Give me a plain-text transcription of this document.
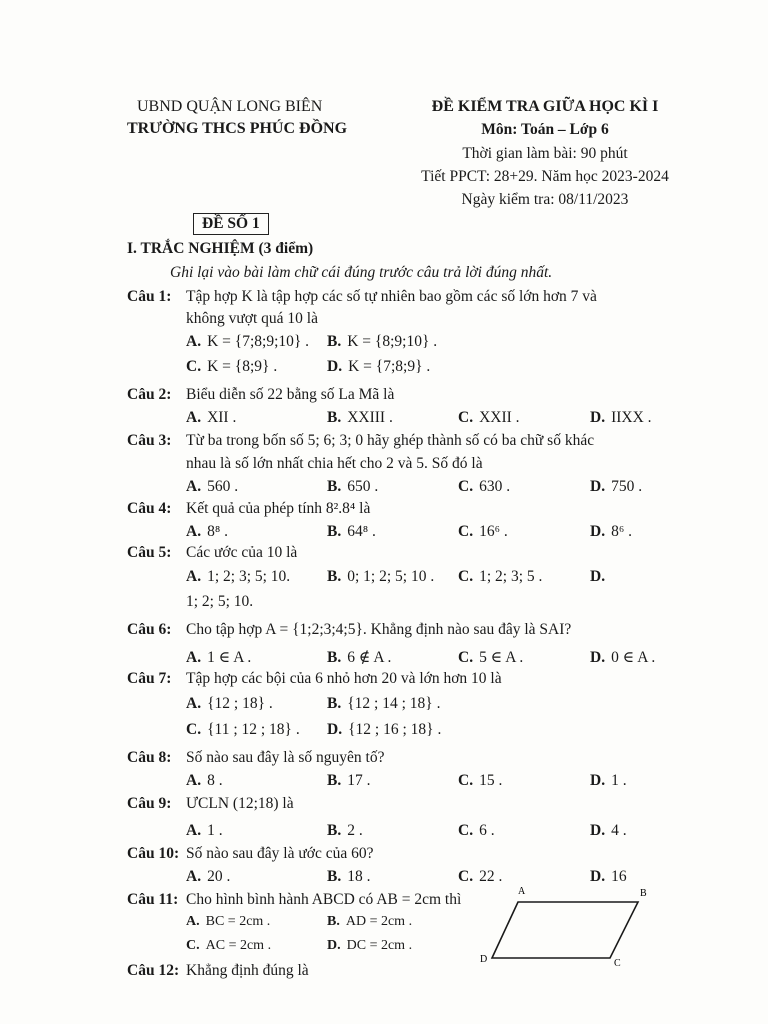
UBND QUẬN LONG BIÊN
TRƯỜNG THCS PHÚC ĐỒNG
ĐỀ KIỂM TRA GIỮA HỌC KÌ I
Môn: Toán – Lớp 6
Thời gian làm bài: 90 phút
Tiết PPCT: 28+29. Năm học 2023-2024
Ngày kiểm tra: 08/11/2023
ĐỀ SỐ 1
I. TRẮC NGHIỆM (3 điểm)
Ghi lại vào bài làm chữ cái đúng trước câu trả lời đúng nhất.
Câu 1: Tập hợp K là tập hợp các số tự nhiên bao gồm các số lớn hơn 7 và
không vượt quá 10 là
A. K = {7;8;9;10} . B. K = {8;9;10} .
C. K = {8;9} .	D. K = {7;8;9} .
Câu 2: Biểu diễn số 22 bằng số La Mã là
A. XII .	B. XXIII .	C. XXII .	D. IIXX .
Câu 3: Từ ba trong bốn số 5; 6; 3; 0 hãy ghép thành số có ba chữ số khác
nhau là số lớn nhất chia hết cho 2 và 5. Số đó là
A. 560 .	B. 650 .	C. 630 .	D. 750 .
Câu 4: Kết quả của phép tính 8².8⁴ là
A. 8⁸ .	B. 64⁸ .	C. 16⁶ .	D. 8⁶ .
Câu 5: Các ước của 10 là
A. 1; 2; 3; 5; 10. B. 0; 1; 2; 5; 10 . C. 1; 2; 3; 5 .	D.
1; 2; 5; 10.
Câu 6: Cho tập hợp A = {1;2;3;4;5}. Khẳng định nào sau đây là SAI?
A. 1 ∈ A .	B. 6 ∉ A .	C. 5 ∈ A .	D. 0 ∈ A .
Câu 7: Tập hợp các bội của 6 nhỏ hơn 20 và lớn hơn 10 là
A. {12 ; 18} .	B. {12 ; 14 ; 18} .
C. {11 ; 12 ; 18} . D. {12 ; 16 ; 18} .
Câu 8: Số nào sau đây là số nguyên tố?
A. 8 .	B. 17 .	C. 15 .	D. 1 .
Câu 9: ƯCLN (12;18) là
A. 1 .	B. 2 .	C. 6 .	D. 4 .
Câu 10: Số nào sau đây là ước của 60?
A. 20 .	B. 18 .	C. 22 .	D. 16
Câu 11: Cho hình bình hành ABCD có AB = 2cm thì
A. BC = 2cm .	B. AD = 2cm .
C. AC = 2cm .	D. DC = 2cm .
A	B
C
D
Câu 12: Khẳng định đúng là
